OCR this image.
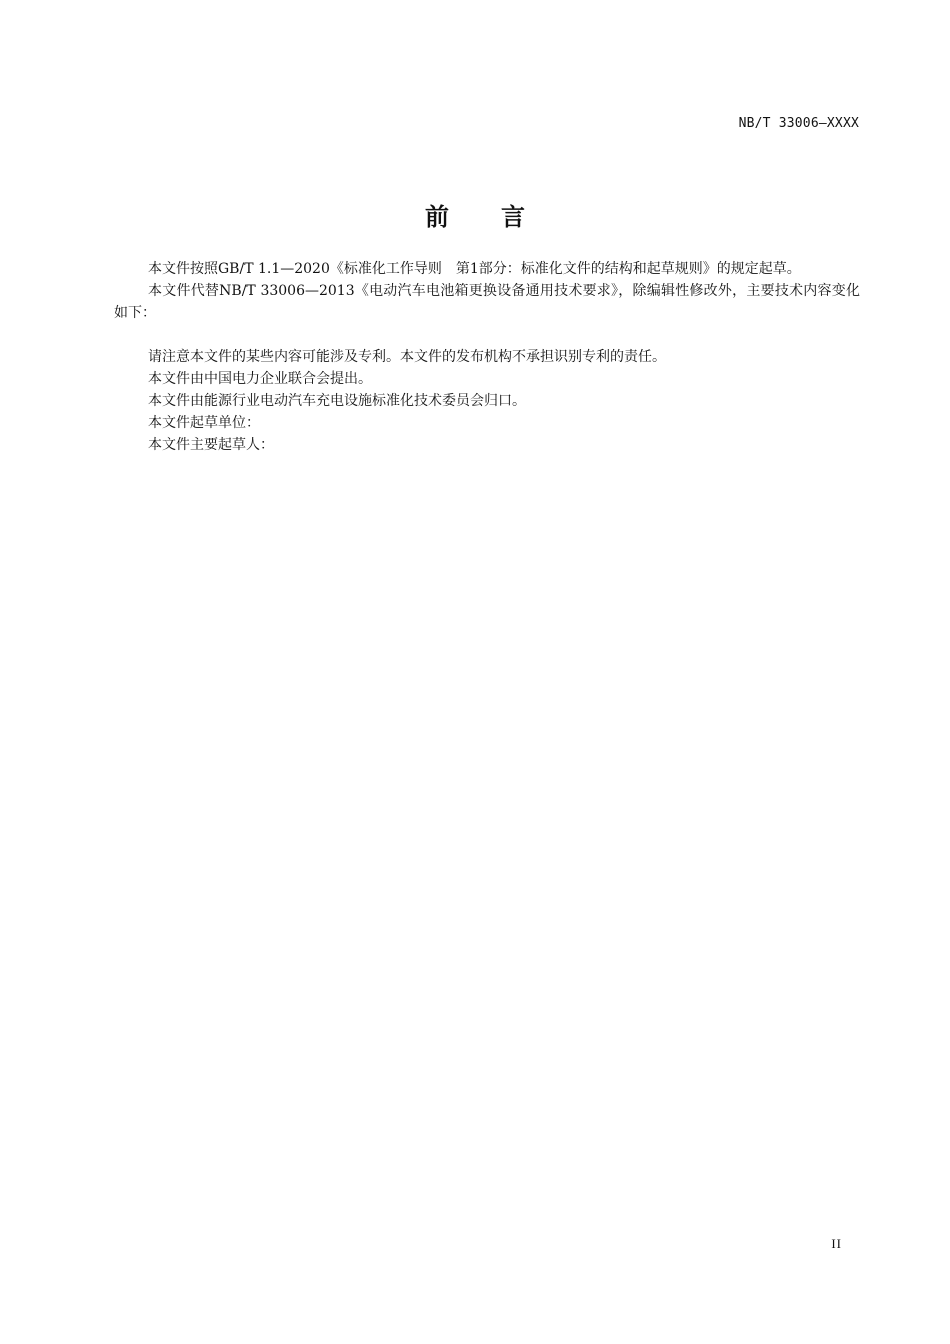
NB/T 33006—XXXX
前言

本文件按照GB/T 1.1—2020《标准化工作导则　第1部分：标准化文件的结构和起草规则》的规定起草。

本文件代替NB/T 33006—2013《电动汽车电池箱更换设备通用技术要求》，除编辑性修改外，主要技术内容变化如下：

请注意本文件的某些内容可能涉及专利。本文件的发布机构不承担识别专利的责任。

本文件由中国电力企业联合会提出。

本文件由能源行业电动汽车充电设施标准化技术委员会归口。

本文件起草单位：

本文件主要起草人：

II
